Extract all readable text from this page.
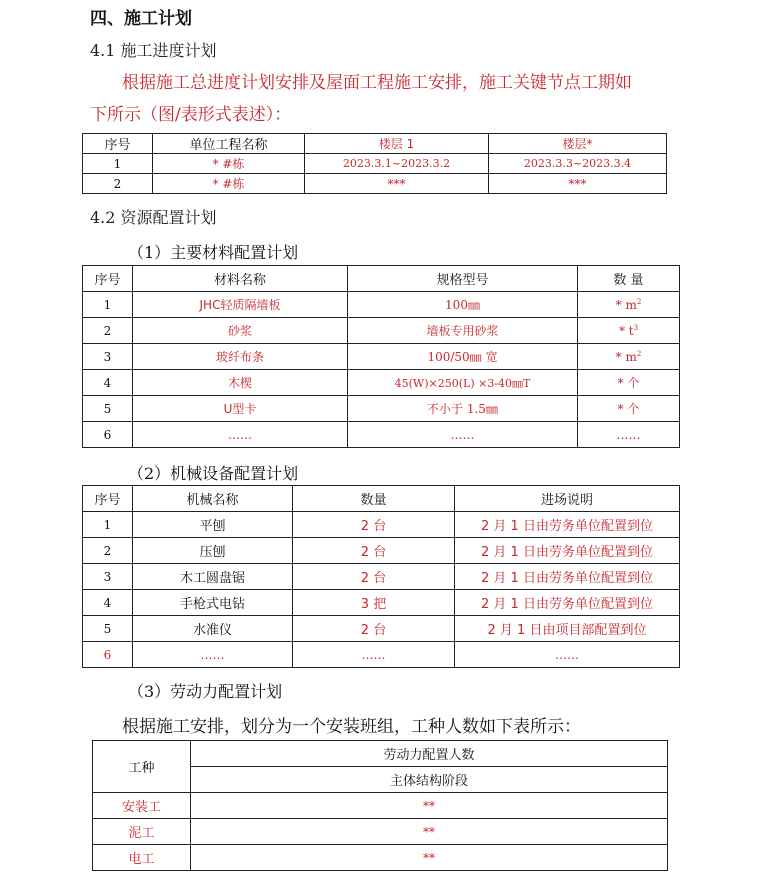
四、施工计划
4.1 施工进度计划
根据施工总进度计划安排及屋面工程施工安排，施工关键节点工期如
下所示（图/表形式表述）：
序号	单位工程名称	楼层 1	楼层*
1	* #栋	2023.3.1~2023.3.2	2023.3.3~2023.3.4
2	* #栋	***	***
4.2 资源配置计划
（1）主要材料配置计划
序号	材料名称	规格型号	数 量
1	JHC轻质隔墙板	100㎜	* $m^2$
2	砂浆	墙板专用砂浆	* $t^3$
3	玻纤布条	100/50㎜ 宽	* $m^2$
4	木楔	45(W)×250(L) ×3-40㎜T	* 个
5	U型卡	不小于 1.5㎜	* 个
6	……	……	……
（2）机械设备配置计划
序号	机械名称	数量	进场说明
1	平刨	2 台	2 月 1 日由劳务单位配置到位
2	压刨	2 台	2 月 1 日由劳务单位配置到位
3	木工圆盘锯	2 台	2 月 1 日由劳务单位配置到位
4	手枪式电钻	3 把	2 月 1 日由劳务单位配置到位
5	水准仪	2 台	2 月 1 日由项目部配置到位
6	……	……	……
（3）劳动力配置计划
根据施工安排，划分为一个安装班组，工种人数如下表所示：
工种	劳动力配置人数
	主体结构阶段
安装工	**
泥工	**
电工	**
